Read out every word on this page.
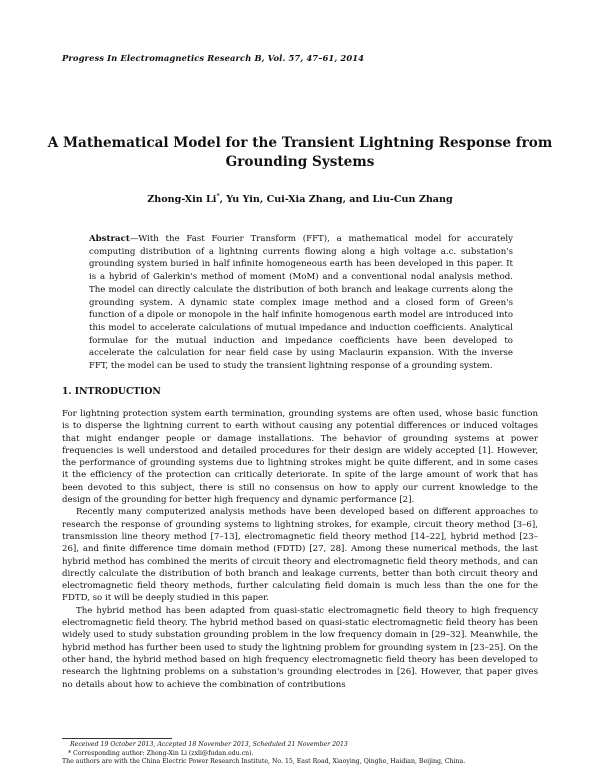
Progress In Electromagnetics Research B, Vol. 57, 47–61, 2014
A Mathematical Model for the Transient Lightning Response from Grounding Systems
Zhong-Xin Li*, Yu Yin, Cui-Xia Zhang, and Liu-Cun Zhang
Abstract—With the Fast Fourier Transform (FFT), a mathematical model for accurately computing distribution of a lightning currents flowing along a high voltage a.c. substation's grounding system buried in half infinite homogeneous earth has been developed in this paper. It is a hybrid of Galerkin's method of moment (MoM) and a conventional nodal analysis method. The model can directly calculate the distribution of both branch and leakage currents along the grounding system. A dynamic state complex image method and a closed form of Green's function of a dipole or monopole in the half infinite homogenous earth model are introduced into this model to accelerate calculations of mutual impedance and induction coefficients. Analytical formulae for the mutual induction and impedance coefficients have been developed to accelerate the calculation for near field case by using Maclaurin expansion. With the inverse FFT, the model can be used to study the transient lightning response of a grounding system.
1. INTRODUCTION

For lightning protection system earth termination, grounding systems are often used, whose basic function is to disperse the lightning current to earth without causing any potential differences or induced voltages that might endanger people or damage installations. The behavior of grounding systems at power frequencies is well understood and detailed procedures for their design are widely accepted [1]. However, the performance of grounding systems due to lightning strokes might be quite different, and in some cases it the efficiency of the protection can critically deteriorate. In spite of the large amount of work that has been devoted to this subject, there is still no consensus on how to apply our current knowledge to the design of the grounding for better high frequency and dynamic performance [2].

Recently many computerized analysis methods have been developed based on different approaches to research the response of grounding systems to lightning strokes, for example, circuit theory method [3–6], transmission line theory method [7–13], electromagnetic field theory method [14–22], hybrid method [23–26], and finite difference time domain method (FDTD) [27, 28]. Among these numerical methods, the last hybrid method has combined the merits of circuit theory and electromagnetic field theory methods, and can directly calculate the distribution of both branch and leakage currents, better than both circuit theory and electromagnetic field theory methods, further calculating field domain is much less than the one for the FDTD, so it will be deeply studied in this paper.

The hybrid method has been adapted from quasi-static electromagnetic field theory to high frequency electromagnetic field theory. The hybrid method based on quasi-static electromagnetic field theory has been widely used to study substation grounding problem in the low frequency domain in [29–32]. Meanwhile, the hybrid method has further been used to study the lightning problem for grounding system in [23–25]. On the other hand, the hybrid method based on high frequency electromagnetic field theory has been developed to research the lightning problems on a substation's grounding electrodes in [26]. However, that paper gives no details about how to achieve the combination of contributions

Received 19 October 2013, Accepted 18 November 2013, Scheduled 21 November 2013
* Corresponding author: Zhong-Xin Li (zxli@fudan.edu.cn).
The authors are with the China Electric Power Research Institute, No. 15, East Road, Xiaoying, Qinghe, Haidian, Beijing, China.
